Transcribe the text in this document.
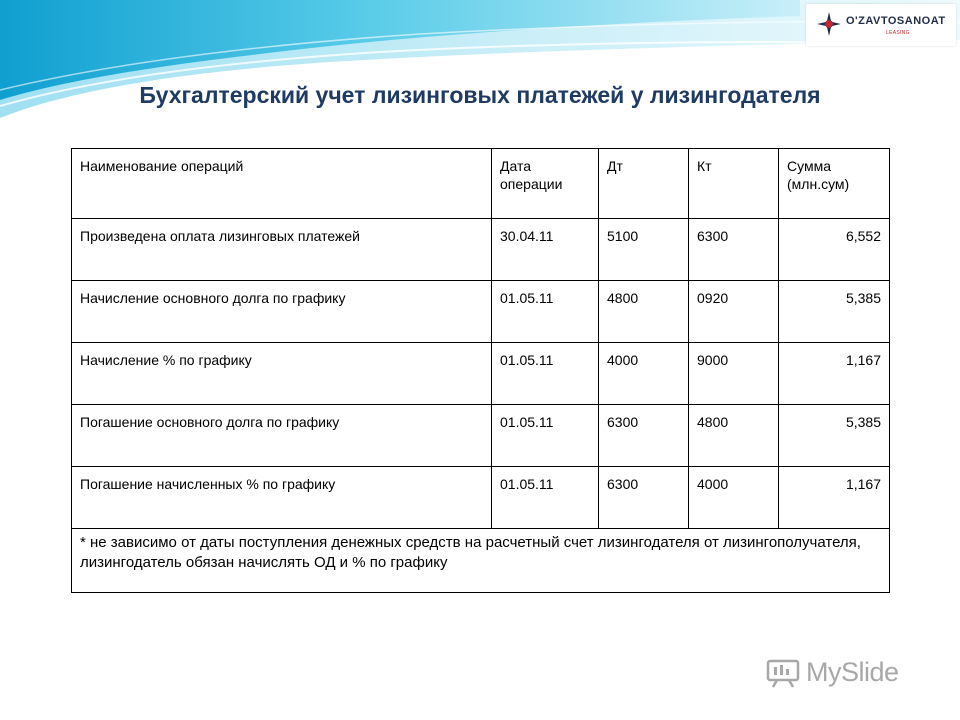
O'ZAVTOSANOAT
LEASING
Бухгалтерский учет лизинговых платежей у лизингодателя
Наименование операций	Дата операции	Дт	Кт	Сумма (млн.сум)
Произведена оплата лизинговых платежей	30.04.11	5100	6300	6,552
Начисление основного долга по графику	01.05.11	4800	0920	5,385
Начисление % по графику	01.05.11	4000	9000	1,167
Погашение основного долга по графику	01.05.11	6300	4800	5,385
Погашение начисленных % по графику	01.05.11	6300	4000	1,167
* не зависимо от даты поступления денежных средств на расчетный счет лизингодателя от лизингополучателя, лизингодатель обязан начислять ОД и % по графику				
MySlide
